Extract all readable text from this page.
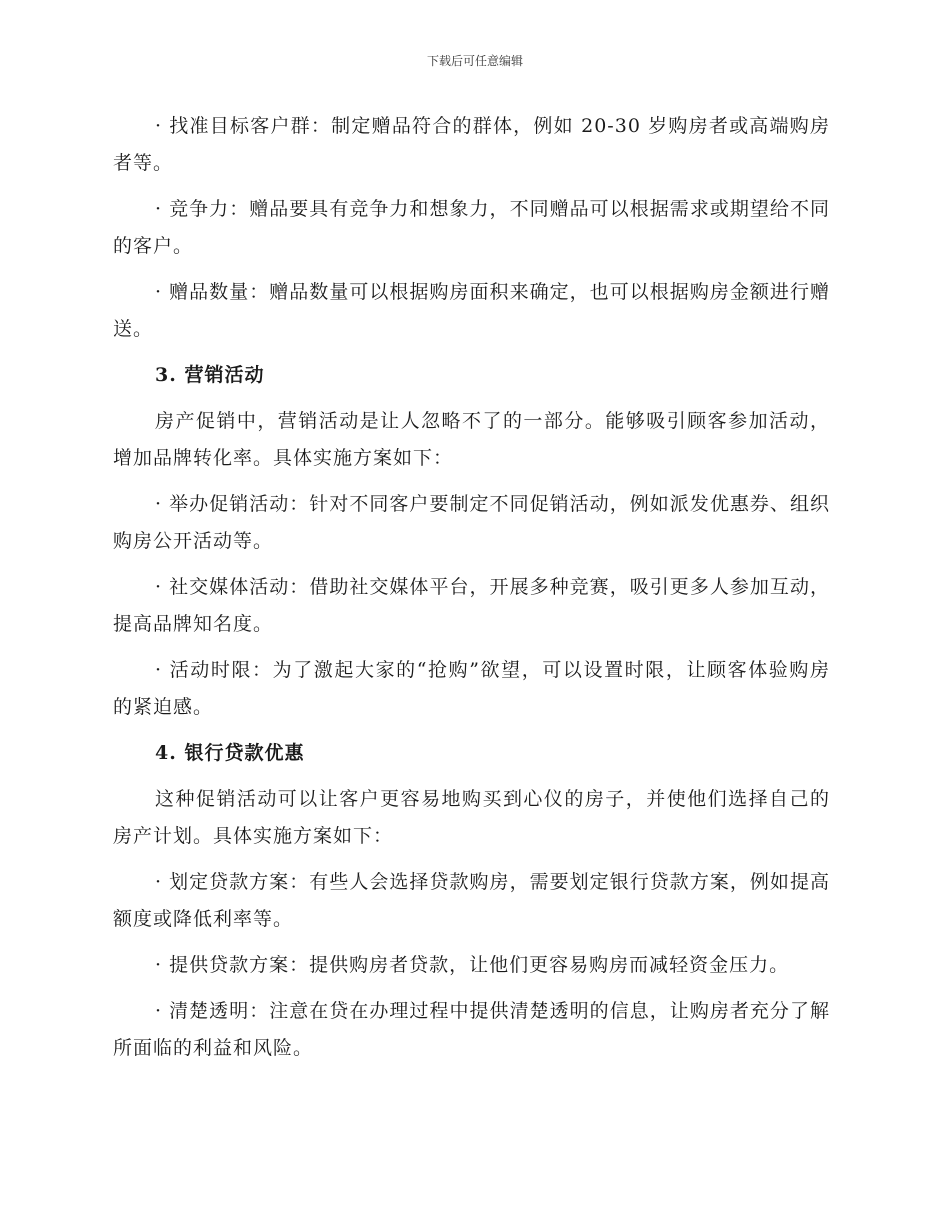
下载后可任意编辑

· 找准目标客户群：制定赠品符合的群体，例如 20-30 岁购房者或高端购房者等。

· 竞争力：赠品要具有竞争力和想象力，不同赠品可以根据需求或期望给不同的客户。

· 赠品数量：赠品数量可以根据购房面积来确定，也可以根据购房金额进行赠送。

3. 营销活动

房产促销中，营销活动是让人忽略不了的一部分。能够吸引顾客参加活动，增加品牌转化率。具体实施方案如下：

· 举办促销活动：针对不同客户要制定不同促销活动，例如派发优惠券、组织购房公开活动等。

· 社交媒体活动：借助社交媒体平台，开展多种竞赛，吸引更多人参加互动，提高品牌知名度。

· 活动时限：为了激起大家的“抢购”欲望，可以设置时限，让顾客体验购房的紧迫感。

4. 银行贷款优惠

这种促销活动可以让客户更容易地购买到心仪的房子，并使他们选择自己的房产计划。具体实施方案如下：

· 划定贷款方案：有些人会选择贷款购房，需要划定银行贷款方案，例如提高额度或降低利率等。

· 提供贷款方案：提供购房者贷款，让他们更容易购房而减轻资金压力。

· 清楚透明：注意在贷在办理过程中提供清楚透明的信息，让购房者充分了解所面临的利益和风险。
